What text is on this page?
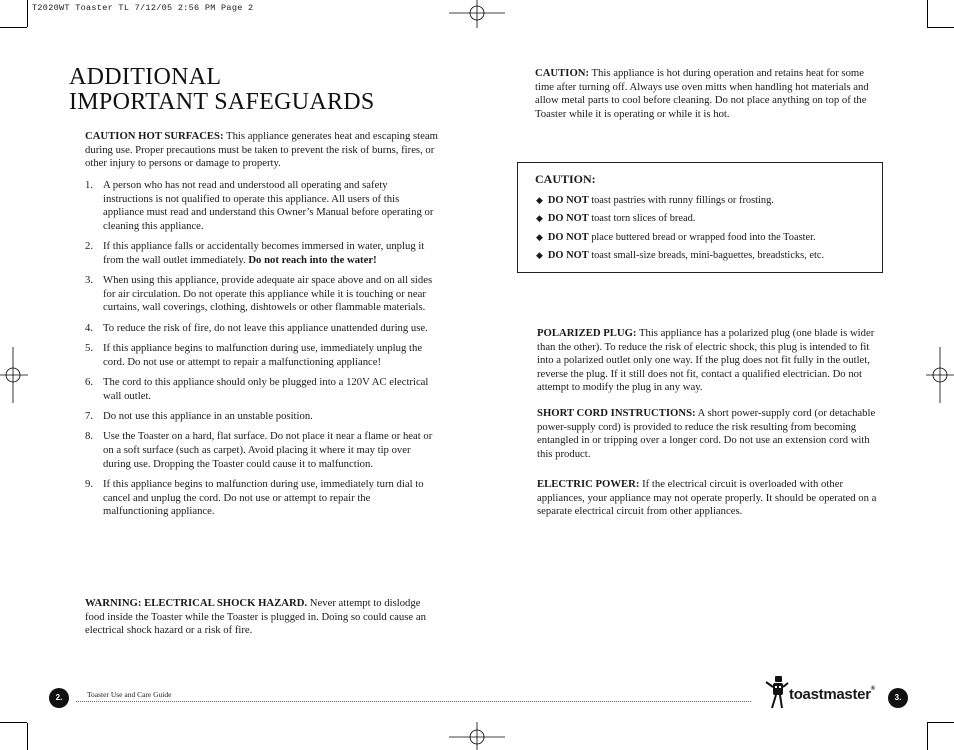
T2020WT Toaster TL 7/12/05 2:56 PM Page 2
ADDITIONAL
IMPORTANT SAFEGUARDS
CAUTION HOT SURFACES: This appliance generates heat and escaping steam during use. Proper precautions must be taken to prevent the risk of burns, fires, or other injury to persons or damage to property.
1. A person who has not read and understood all operating and safety instructions is not qualified to operate this appliance. All users of this appliance must read and understand this Owner’s Manual before operating or cleaning this appliance.
2. If this appliance falls or accidentally becomes immersed in water, unplug it from the wall outlet immediately. Do not reach into the water!
3. When using this appliance, provide adequate air space above and on all sides for air circulation. Do not operate this appliance while it is touching or near curtains, wall coverings, clothing, dishtowels or other flammable materials.
4. To reduce the risk of fire, do not leave this appliance unattended during use.
5. If this appliance begins to malfunction during use, immediately unplug the cord. Do not use or attempt to repair a malfunctioning appliance!
6. The cord to this appliance should only be plugged into a 120V AC electrical wall outlet.
7. Do not use this appliance in an unstable position.
8. Use the Toaster on a hard, flat surface. Do not place it near a flame or heat or on a soft surface (such as carpet). Avoid placing it where it may tip over during use. Dropping the Toaster could cause it to malfunction.
9. If this appliance begins to malfunction during use, immediately turn dial to cancel and unplug the cord. Do not use or attempt to repair the malfunctioning appliance.
WARNING: ELECTRICAL SHOCK HAZARD. Never attempt to dislodge food inside the Toaster while the Toaster is plugged in. Doing so could cause an electrical shock hazard or a risk of fire.
2.	Toaster Use and Care Guide
CAUTION: This appliance is hot during operation and retains heat for some time after turning off. Always use oven mitts when handling hot materials and allow metal parts to cool before cleaning. Do not place anything on top of the Toaster while it is operating or while it is hot.
CAUTION:
◆ DO NOT toast pastries with runny fillings or frosting.
◆ DO NOT toast torn slices of bread.
◆ DO NOT place buttered bread or wrapped food into the Toaster.
◆ DO NOT toast small-size breads, mini-baguettes, breadsticks, etc.
POLARIZED PLUG: This appliance has a polarized plug (one blade is wider than the other). To reduce the risk of electric shock, this plug is intended to fit into a polarized outlet only one way. If the plug does not fit fully in the outlet, reverse the plug. If it still does not fit, contact a qualified electrician. Do not attempt to modify the plug in any way.
SHORT CORD INSTRUCTIONS: A short power-supply cord (or detachable power-supply cord) is provided to reduce the risk resulting from becoming entangled in or tripping over a longer cord. Do not use an extension cord with this product.
ELECTRIC POWER: If the electrical circuit is overloaded with other appliances, your appliance may not operate properly. It should be operated on a separate electrical circuit from other appliances.
toastmaster®
3.
